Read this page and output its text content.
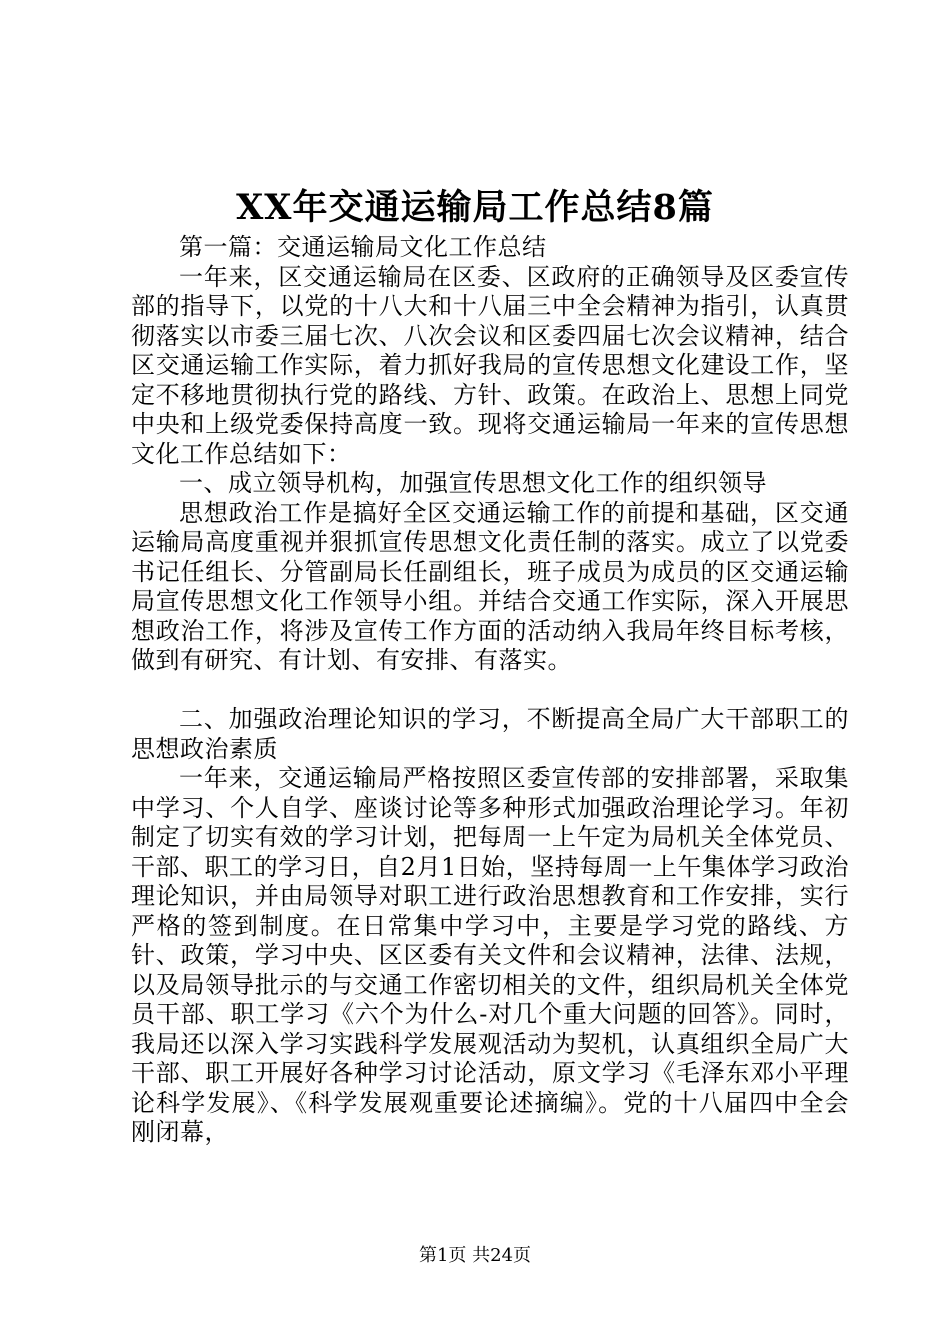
XX年交通运输局工作总结8篇

第一篇：交通运输局文化工作总结

一年来，区交通运输局在区委、区政府的正确领导及区委宣传部的指导下，以党的十八大和十八届三中全会精神为指引，认真贯彻落实以市委三届七次、八次会议和区委四届七次会议精神，结合区交通运输工作实际，着力抓好我局的宣传思想文化建设工作，坚定不移地贯彻执行党的路线、方针、政策。在政治上、思想上同党中央和上级党委保持高度一致。现将交通运输局一年来的宣传思想文化工作总结如下：

一、成立领导机构，加强宣传思想文化工作的组织领导

思想政治工作是搞好全区交通运输工作的前提和基础，区交通运输局高度重视并狠抓宣传思想文化责任制的落实。成立了以党委书记任组长、分管副局长任副组长，班子成员为成员的区交通运输局宣传思想文化工作领导小组。并结合交通工作实际，深入开展思想政治工作，将涉及宣传工作方面的活动纳入我局年终目标考核，做到有研究、有计划、有安排、有落实。

二、加强政治理论知识的学习，不断提高全局广大干部职工的思想政治素质

一年来，交通运输局严格按照区委宣传部的安排部署，采取集中学习、个人自学、座谈讨论等多种形式加强政治理论学习。年初制定了切实有效的学习计划，把每周一上午定为局机关全体党员、干部、职工的学习日，自2月1日始，坚持每周一上午集体学习政治理论知识，并由局领导对职工进行政治思想教育和工作安排，实行严格的签到制度。在日常集中学习中，主要是学习党的路线、方针、政策，学习中央、区区委有关文件和会议精神，法律、法规，以及局领导批示的与交通工作密切相关的文件，组织局机关全体党员干部、职工学习《六个为什么-对几个重大问题的回答》。同时，我局还以深入学习实践科学发展观活动为契机，认真组织全局广大干部、职工开展好各种学习讨论活动，原文学习《毛泽东邓小平理论科学发展》、《科学发展观重要论述摘编》。党的十八届四中全会刚闭幕，

第1页 共24页
